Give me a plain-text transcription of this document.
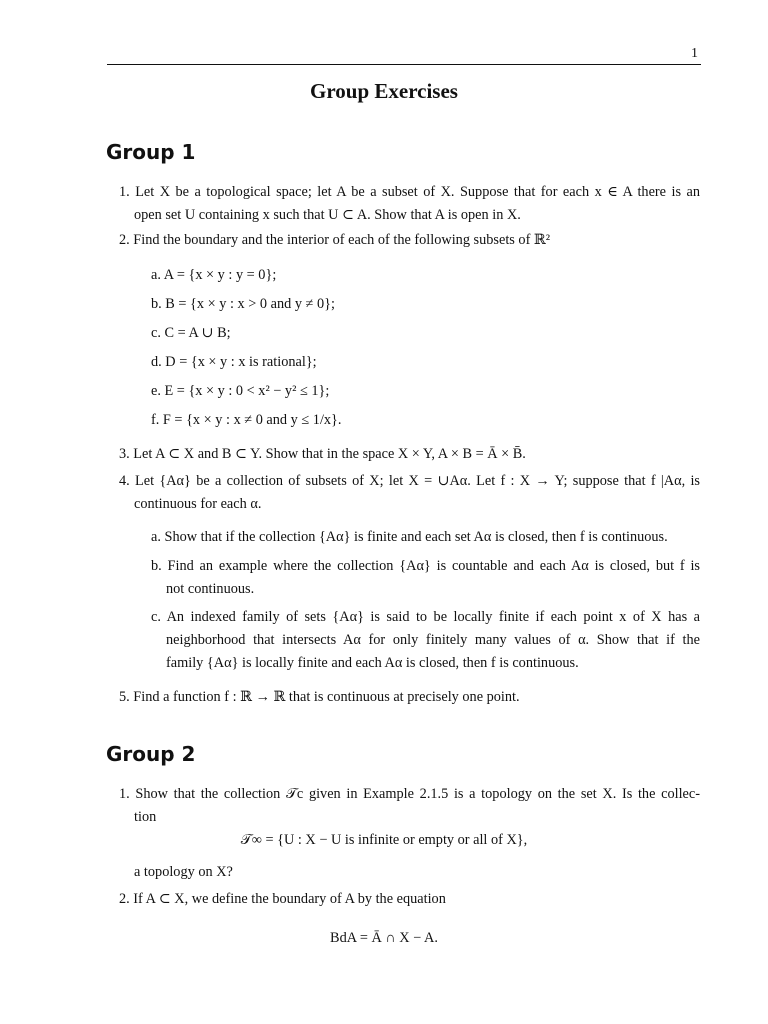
1
Group Exercises
Group 1
1. Let X be a topological space; let A be a subset of X. Suppose that for each x ∈ A there is an
open set U containing x such that U ⊂ A. Show that A is open in X.
2. Find the boundary and the interior of each of the following subsets of ℝ²
a. A = {x × y : y = 0};
b. B = {x × y : x > 0 and y ≠ 0};
c. C = A ∪ B;
d. D = {x × y : x is rational};
e. E = {x × y : 0 < x² − y² ≤ 1};
f. F = {x × y : x ≠ 0 and y ≤ 1/x}.
3. Let A ⊂ X and B ⊂ Y. Show that in the space X × Y, A × B = Ā × B̄.
4. Let {Aα} be a collection of subsets of X; let X = ∪Aα. Let f : X → Y; suppose that f |Aα, is
continuous for each α.
a. Show that if the collection {Aα} is finite and each set Aα is closed, then f is continuous.
b. Find an example where the collection {Aα} is countable and each Aα is closed, but f is
not continuous.
c. An indexed family of sets {Aα} is said to be locally finite if each point x of X has a
neighborhood that intersects Aα for only finitely many values of α. Show that if the
family {Aα} is locally finite and each Aα is closed, then f is continuous.
5. Find a function f : ℝ → ℝ that is continuous at precisely one point.
Group 2
1. Show that the collection 𝒯c given in Example 2.1.5 is a topology on the set X. Is the collec-
tion
𝒯∞ = {U : X − U is infinite or empty or all of X},
a topology on X?
2. If A ⊂ X, we define the boundary of A by the equation
BdA = Ā ∩ X − A.
